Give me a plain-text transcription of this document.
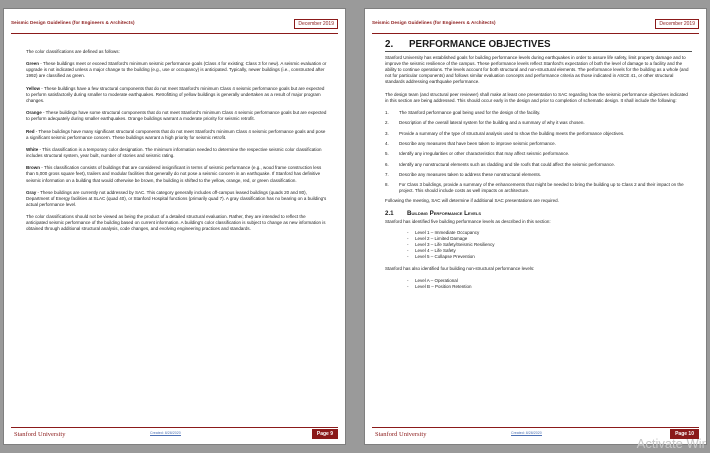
Seismic Design Guidelines (for Engineers & Architects)	December 2019
The color classifications are defined as follows:
Green - These buildings meet or exceed Stanford's minimum seismic performance goals (Class 4 for existing; Class 3 for new). A seismic evaluation or upgrade is not indicated unless a major change to the building (e.g., use or occupancy) is anticipated. Typically, newer buildings (i.e., constructed after 1992) are classified as green.
Yellow - These buildings have a few structural components that do not meet Stanford's minimum Class 4 seismic performance goals but are expected to perform satisfactorily during smaller to moderate earthquakes. Retrofitting of yellow buildings is generally undertaken as a result of major program changes.
Orange - These buildings have some structural components that do not meet Stanford's minimum Class 4 seismic performance goals but are expected to perform adequately during smaller earthquakes. Orange buildings warrant a moderate priority for seismic retrofit.
Red - These buildings have many significant structural components that do not meet Stanford's minimum Class 4 seismic performance goals and pose a significant seismic performance concern. These buildings warrant a high priority for seismic retrofit.
White - This classification is a temporary color designation. The minimum information needed to determine the respective seismic color classification includes structural system, year built, number of stories and seismic rating.
Brown - This classification consists of buildings that are considered insignificant in terms of seismic performance (e.g., wood frame construction less than 5,000 gross square feet), trailers and modular facilities that generally do not pose a seismic concern in an earthquake. If Stanford has definitive seismic information on a building that would otherwise be brown, the building is shifted to the yellow, orange, red, or green classification.
Gray - These buildings are currently not addressed by SAC. This category generally includes off-campus leased buildings (quads 20 and 80), Department of Energy facilities at SLAC (quad 40), or Stanford Hospital functions (primarily quad 7). A gray classification has no bearing on a building's actual performance level.
The color classifications should not be viewed as being the product of a detailed structural evaluation. Rather, they are intended to reflect the anticipated seismic performance of the building based on current information. A building's color classification is subject to change as new information is obtained through additional structural analysis, code changes, and evolving engineering practices and standards.
Stanford University	Created: 8/28/2020	Page 9
Seismic Design Guidelines (for Engineers & Architects)	December 2019
2.	PERFORMANCE OBJECTIVES
Stanford University has established goals for building performance levels during earthquakes in order to assure life safety, limit property damage and to improve the seismic resilience of the campus. These performance levels reflect Stanford's expectation of both the level of damage to a facility and the ability to continue operations. The levels account for both structural and non-structural elements. The performance levels for the building as a whole (and not for particular components) and follows similar evaluation concepts and performance criteria as those indicated in ASCE 41, or other structural standards addressing earthquake performance.
The design team (and structural peer reviewer) shall make at least one presentation to SAC regarding how the seismic performance objectives indicated in this section are being addressed. This should occur early in the design and prior to completion of schematic design. It shall include the following:
1.	The Stanford performance goal being used for the design of the facility.
2.	Description of the overall lateral system for the building and a summary of why it was chosen.
3.	Provide a summary of the type of structural analysis used to show the building meets the performance objectives.
4.	Describe any measures that have been taken to improve seismic performance.
5.	Identify any irregularities or other characteristics that may affect seismic performance.
6.	Identify any nonstructural elements such as cladding and tile roofs that could affect the seismic performance.
7.	Describe any measures taken to address these nonstructural elements.
8.	For Class 3 buildings, provide a summary of the enhancements that might be needed to bring the building up to Class 2 and their impact on the project. This should include costs as well impacts on architecture.
Following the meeting, SAC will determine if additional SAC presentations are required.
2.1	Building Performance Levels
Stanford has identified five building performance levels as described in this section:
-	Level 1 – Immediate Occupancy
-	Level 2 – Limited Damage
-	Level 3 – Life Safety/Seismic Resiliency
-	Level 4 – Life Safety
-	Level 5 – Collapse Prevention
Stanford has also identified four building non-structural performance levels:
-	Level A – Operational
-	Level B – Position Retention
Stanford University	Created: 8/28/2020	Page 10
Activate Wir
